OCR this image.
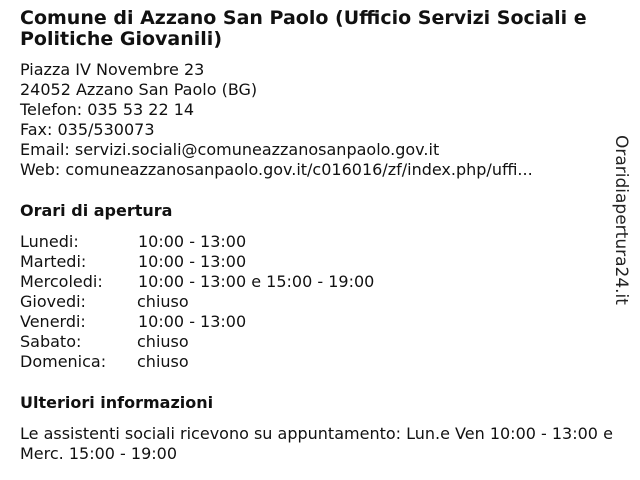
Comune di Azzano San Paolo (Ufficio Servizi Sociali e Politiche Giovanili)
Piazza IV Novembre 23
24052 Azzano San Paolo (BG)
Telefon: 035 53 22 14
Fax: 035/530073
Email: servizi.sociali@comuneazzanosanpaolo.gov.it
Web: comuneazzanosanpaolo.gov.it/c016016/zf/index.php/uffi...
Orari di apertura
Lunedi:	10:00 - 13:00
Martedi:	10:00 - 13:00
Mercoledi:	10:00 - 13:00 e 15:00 - 19:00
Giovedi:	chiuso
Venerdi:	10:00 - 13:00
Sabato:	chiuso
Domenica:	chiuso
Ulteriori informazioni
Le assistenti sociali ricevono su appuntamento: Lun.e Ven 10:00 - 13:00 e Merc. 15:00 - 19:00
Oraridiapertura24.it
